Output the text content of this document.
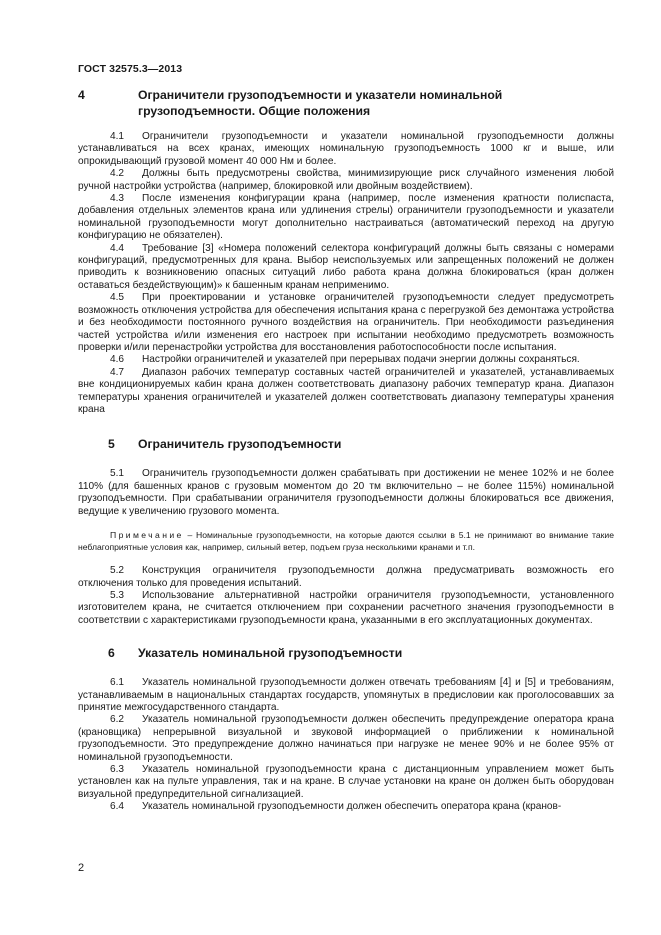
ГОСТ 32575.3—2013
4	Ограничители грузоподъемности и указатели номинальной грузоподъемности. Общие положения

4.1 Ограничители грузоподъемности и указатели номинальной грузоподъемности должны устанавливаться на всех кранах, имеющих номинальную грузоподъемность 1000 кг и выше, или опрокидывающий грузовой момент 40 000 Нм и более.

4.2 Должны быть предусмотрены свойства, минимизирующие риск случайного изменения любой ручной настройки устройства (например, блокировкой или двойным воздействием).

4.3 После изменения конфигурации крана (например, после изменения кратности полиспаста, добавления отдельных элементов крана или удлинения стрелы) ограничители грузоподъемности и указатели номинальной грузоподъемности могут дополнительно настраиваться (автоматический переход на другую конфигурацию не обязателен).

4.4 Требование [3] «Номера положений селектора конфигураций должны быть связаны с номерами конфигураций, предусмотренных для крана. Выбор неиспользуемых или запрещенных положений не должен приводить к возникновению опасных ситуаций либо работа крана должна блокироваться (кран должен оставаться бездействующим)» к башенным кранам неприменимо.

4.5 При проектировании и установке ограничителей грузоподъемности следует предусмотреть возможность отключения устройства для обеспечения испытания крана с перегрузкой без демонтажа устройства и без необходимости постоянного ручного воздействия на ограничитель. При необходимости разъединения частей устройства и/или изменения его настроек при испытании необходимо предусмотреть возможность проверки и/или перенастройки устройства для восстановления работоспособности после испытания.

4.6 Настройки ограничителей и указателей при перерывах подачи энергии должны сохраняться.

4.7 Диапазон рабочих температур составных частей ограничителей и указателей, устанавливаемых вне кондиционируемых кабин крана должен соответствовать диапазону рабочих температур крана. Диапазон температуры хранения ограничителей и указателей должен соответствовать диапазону температуры хранения крана

5 Ограничитель грузоподъемности

5.1 Ограничитель грузоподъемности должен срабатывать при достижении не менее 102% и не более 110% (для башенных кранов с грузовым моментом до 20 тм включительно – не более 115%) номинальной грузоподъемности. При срабатывании ограничителя грузоподъемности должны блокироваться все движения, ведущие к увеличению грузового момента.

Примечание – Номинальные грузоподъемности, на которые даются ссылки в 5.1 не принимают во внимание такие неблагоприятные условия как, например, сильный ветер, подъем груза несколькими кранами и т.п.

5.2 Конструкция ограничителя грузоподъемности должна предусматривать возможность его отключения только для проведения испытаний.

5.3 Использование альтернативной настройки ограничителя грузоподъемности, установленного изготовителем крана, не считается отключением при сохранении расчетного значения грузоподъемности в соответствии с характеристиками грузоподъемности крана, указанными в его эксплуатационных документах.

6 Указатель номинальной грузоподъемности

6.1 Указатель номинальной грузоподъемности должен отвечать требованиям [4] и [5] и требованиям, устанавливаемым в национальных стандартах государств, упомянутых в предисловии как проголосовавших за принятие межгосударственного стандарта.

6.2 Указатель номинальной грузоподъемности должен обеспечить предупреждение оператора крана (крановщика) непрерывной визуальной и звуковой информацией о приближении к номинальной грузоподъемности. Это предупреждение должно начинаться при нагрузке не менее 90% и не более 95% от номинальной грузоподъемности.

6.3 Указатель номинальной грузоподъемности крана с дистанционным управлением может быть установлен как на пульте управления, так и на кране. В случае установки на кране он должен быть оборудован визуальной предупредительной сигнализацией.

6.4 Указатель номинальной грузоподъемности должен обеспечить оператора крана (кранов-

2
